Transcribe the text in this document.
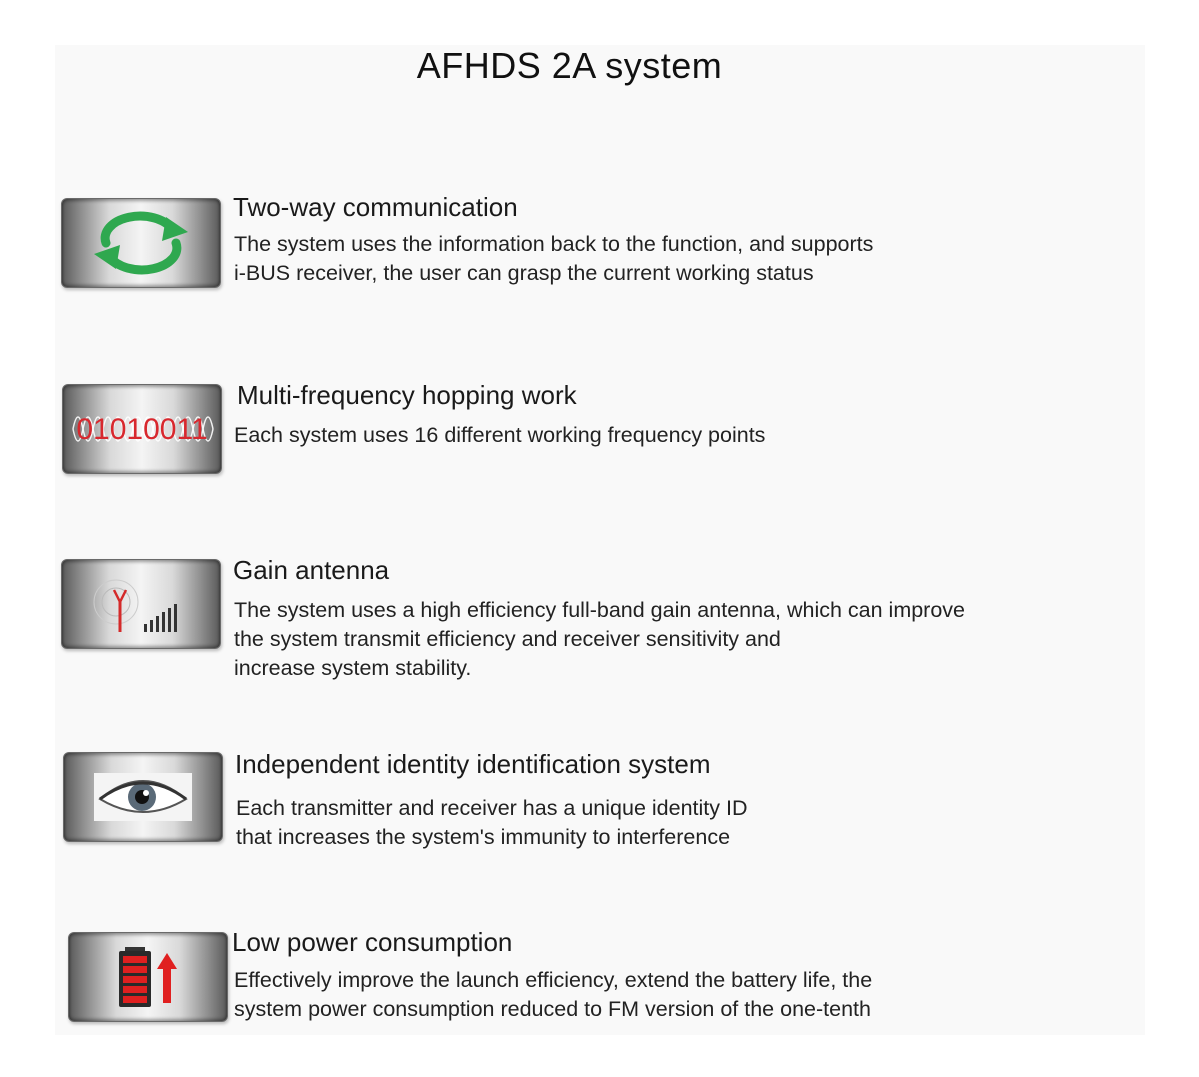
AFHDS 2A system
Two-way communication
The system uses the information back to the function, and supports
i-BUS receiver, the user can grasp the current working status
01010011
Multi-frequency hopping work
Each system uses 16 different working frequency points
Gain antenna
The system uses a high efficiency full-band gain antenna, which can improve
the system transmit efficiency and receiver sensitivity and
increase system stability.
Independent identity identification system
Each transmitter and receiver has a unique identity ID
that increases the system's immunity to interference
Low power consumption
Effectively improve the launch efficiency, extend the battery life, the
system power consumption reduced to FM version of the one-tenth
